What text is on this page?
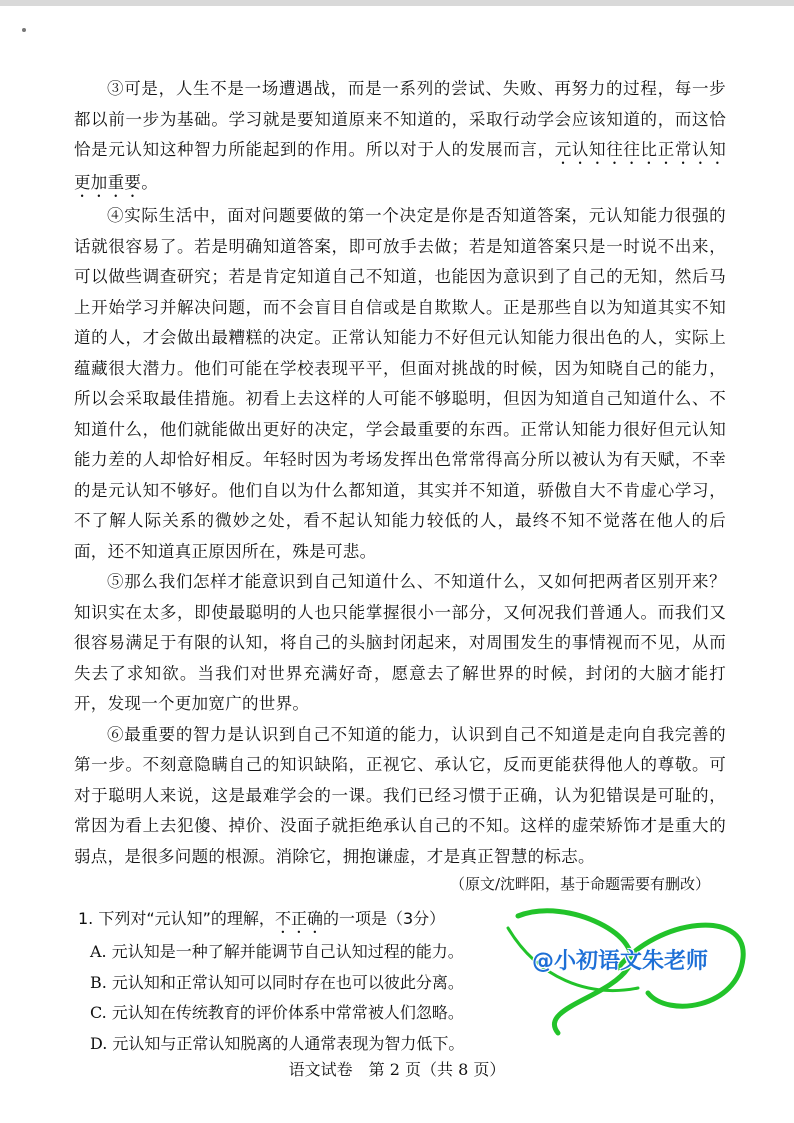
③可是，人生不是一场遭遇战，而是一系列的尝试、失败、再努力的过程，每一步都以前一步为基础。学习就是要知道原来不知道的，采取行动学会应该知道的，而这恰恰是元认知这种智力所能起到的作用。所以对于人的发展而言，元认知往往比正常认知更加重要。

④实际生活中，面对问题要做的第一个决定是你是否知道答案，元认知能力很强的话就很容易了。若是明确知道答案，即可放手去做；若是知道答案只是一时说不出来，可以做些调查研究；若是肯定知道自己不知道，也能因为意识到了自己的无知，然后马上开始学习并解决问题，而不会盲目自信或是自欺欺人。正是那些自以为知道其实不知道的人，才会做出最糟糕的决定。正常认知能力不好但元认知能力很出色的人，实际上蕴藏很大潜力。他们可能在学校表现平平，但面对挑战的时候，因为知晓自己的能力，所以会采取最佳措施。初看上去这样的人可能不够聪明，但因为知道自己知道什么、不知道什么，他们就能做出更好的决定，学会最重要的东西。正常认知能力很好但元认知能力差的人却恰好相反。年轻时因为考场发挥出色常常得高分所以被认为有天赋，不幸的是元认知不够好。他们自以为什么都知道，其实并不知道，骄傲自大不肯虚心学习，不了解人际关系的微妙之处，看不起认知能力较低的人，最终不知不觉落在他人的后面，还不知道真正原因所在，殊是可悲。

⑤那么我们怎样才能意识到自己知道什么、不知道什么，又如何把两者区别开来？知识实在太多，即使最聪明的人也只能掌握很小一部分，又何况我们普通人。而我们又很容易满足于有限的认知，将自己的头脑封闭起来，对周围发生的事情视而不见，从而失去了求知欲。当我们对世界充满好奇，愿意去了解世界的时候，封闭的大脑才能打开，发现一个更加宽广的世界。

⑥最重要的智力是认识到自己不知道的能力，认识到自己不知道是走向自我完善的第一步。不刻意隐瞒自己的知识缺陷，正视它、承认它，反而更能获得他人的尊敬。可对于聪明人来说，这是最难学会的一课。我们已经习惯于正确，认为犯错误是可耻的，常因为看上去犯傻、掉价、没面子就拒绝承认自己的不知。这样的虚荣矫饰才是重大的弱点，是很多问题的根源。消除它，拥抱谦虚，才是真正智慧的标志。

（原文/沈畔阳，基于命题需要有删改）

1. 下列对“元认知”的理解，不正确的一项是（3分）

A. 元认知是一种了解并能调节自己认知过程的能力。

B. 元认知和正常认知可以同时存在也可以彼此分离。

C. 元认知在传统教育的评价体系中常常被人们忽略。

D. 元认知与正常认知脱离的人通常表现为智力低下。

@小初语文朱老师
语文试卷　第 2 页（共 8 页）
